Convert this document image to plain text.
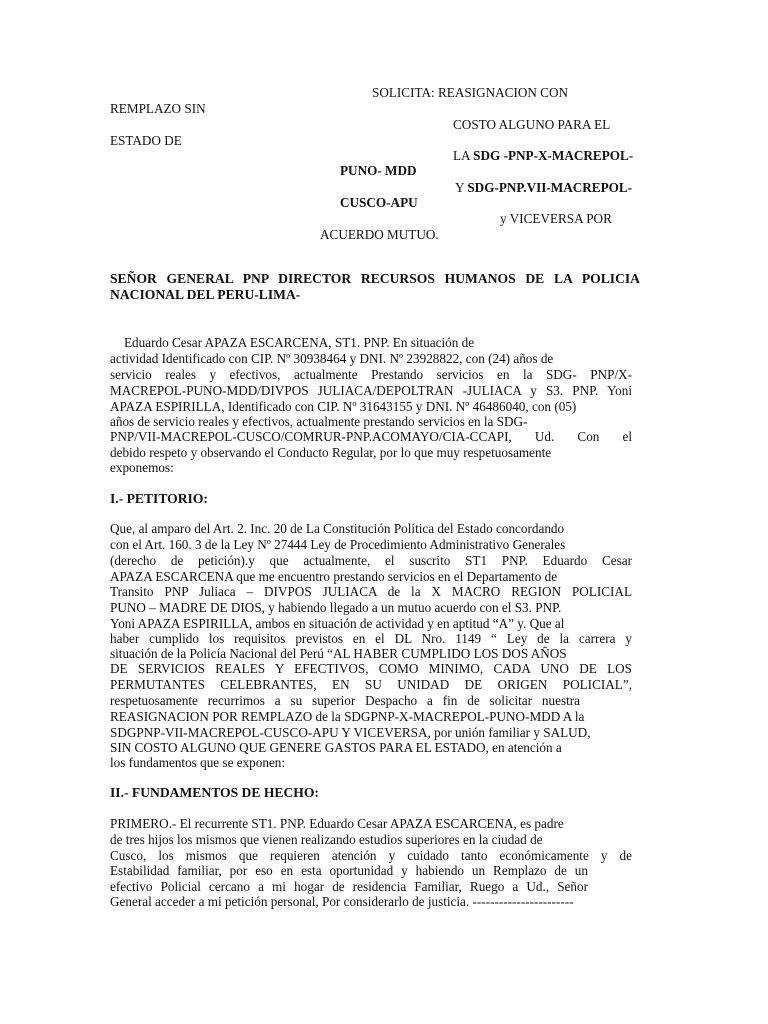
SOLICITA: REASIGNACION CON
REMPLAZO SIN
COSTO ALGUNO PARA EL
ESTADO DE
LA SDG -PNP-X-MACREPOL-
PUNO- MDD
Y SDG-PNP.VII-MACREPOL-
CUSCO-APU
y VICEVERSA POR
ACUERDO MUTUO.
SEÑOR GENERAL PNP DIRECTOR RECURSOS HUMANOS DE LA POLICIA
NACIONAL DEL PERU-LIMA-
Eduardo Cesar APAZA ESCARCENA, ST1. PNP. En situación de
actividad Identificado con CIP. Nº 30938464 y DNI. Nº 23928822, con (24) años de
servicio reales y efectivos, actualmente Prestando servicios en la SDG- PNP/X-
MACREPOL-PUNO-MDD/DIVPOS JULIACA/DEPOLTRAN -JULIACA y S3. PNP. Yoni
APAZA ESPIRILLA, Identificado con CIP. Nº 31643155 y DNI. Nº 46486040, con (05)
años de servicio reales y efectivos, actualmente prestando servicios en la SDG-
PNP/VII-MACREPOL-CUSCO/COMRUR-PNP.ACOMAYO/CIA-CCAPI, Ud. Con el
debido respeto y observando el Conducto Regular, por lo que muy respetuosamente
exponemos:
I.- PETITORIO:
Que, al amparo del Art. 2. Inc. 20 de La Constitución Política del Estado concordando
con el Art. 160. 3 de la Ley Nº 27444 Ley de Procedimiento Administrativo Generales
(derecho de petición).y que actualmente, el suscrito ST1 PNP. Eduardo Cesar
APAZA ESCARCENA que me encuentro prestando servicios en el Departamento de
Transito PNP Juliaca – DIVPOS JULIACA de la X MACRO REGION POLICIAL
PUNO – MADRE DE DIOS, y habiendo llegado a un mutuo acuerdo con el S3. PNP.
Yoni APAZA ESPIRILLA, ambos en situación de actividad y en aptitud “A” y. Que al
haber cumplido los requisitos previstos en el DL Nro. 1149 “ Ley de la carrera y
situación de la Policía Nacional del Perú “AL HABER CUMPLIDO LOS DOS AÑOS
DE SERVICIOS REALES Y EFECTIVOS, COMO MINIMO, CADA UNO DE LOS
PERMUTANTES CELEBRANTES, EN SU UNIDAD DE ORIGEN POLICIAL”,
respetuosamente recurrimos a su superior Despacho a fin de solicitar nuestra
REASIGNACION POR REMPLAZO de la SDGPNP-X-MACREPOL-PUNO-MDD A la
SDGPNP-VII-MACREPOL-CUSCO-APU Y VICEVERSA, por unión familiar y SALUD,
SIN COSTO ALGUNO QUE GENERE GASTOS PARA EL ESTADO, en atención a
los fundamentos que se exponen:
II.- FUNDAMENTOS DE HECHO:
PRIMERO.- El recurrente ST1. PNP. Eduardo Cesar APAZA ESCARCENA, es padre
de tres hijos los mismos que vienen realizando estudios superiores en la ciudad de
Cusco, los mismos que requieren atención y cuidado tanto económicamente y de
Estabilidad familiar, por eso en esta oportunidad y habiendo un Remplazo de un
efectivo Policial cercano a mi hogar de residencia Familiar, Ruego a Ud., Señor
General acceder a mi petición personal, Por considerarlo de justicia. -----------------------
